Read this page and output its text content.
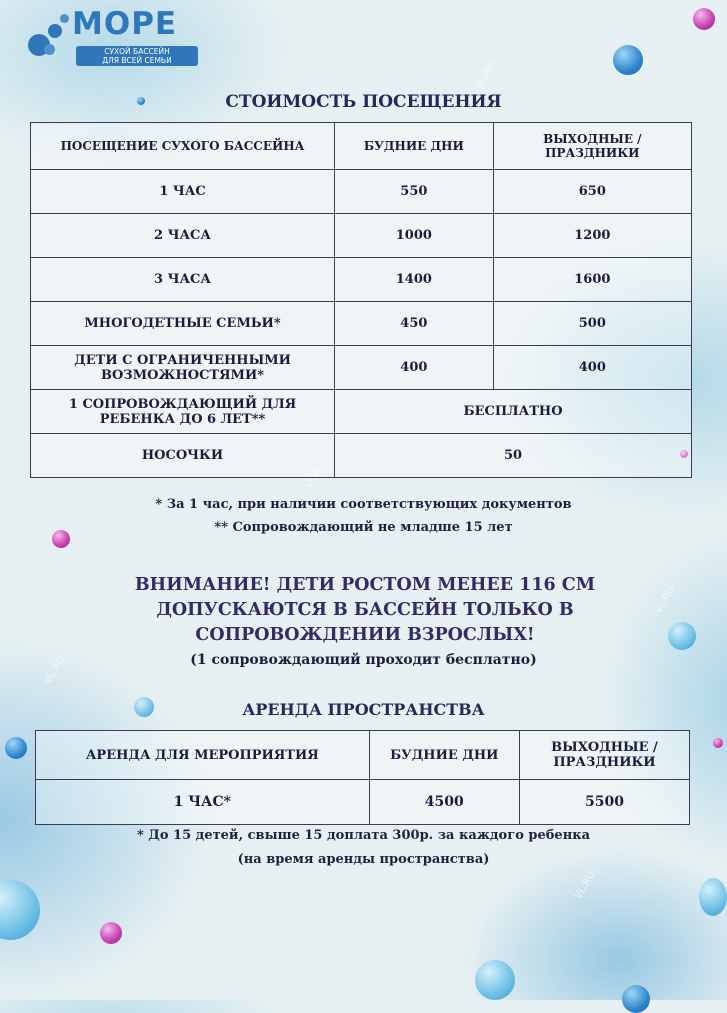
VL.RU
VL.RU
VL.RU
VL.RU
VL.RU
МОРЕ
СУХОЙ БАССЕЙН
ДЛЯ ВСЕЙ СЕМЬИ
СТОИМОСТЬ ПОСЕЩЕНИЯ
ПОСЕЩЕНИЕ СУХОГО БАССЕЙНА	БУДНИЕ ДНИ	ВЫХОДНЫЕ / ПРАЗДНИКИ
1 ЧАС	550	650
2 ЧАСА	1000	1200
3 ЧАСА	1400	1600
МНОГОДЕТНЫЕ СЕМЬИ*	450	500
ДЕТИ С ОГРАНИЧЕННЫМИ ВОЗМОЖНОСТЯМИ*	400	400
1 СОПРОВОЖДАЮЩИЙ ДЛЯ РЕБЕНКА ДО 6 ЛЕТ**	БЕСПЛАТНО	
НОСОЧКИ	50	
* За 1 час, при наличии соответствующих документов
** Сопровождающий не младше 15 лет
ВНИМАНИЕ! ДЕТИ РОСТОМ МЕНЕЕ 116 СМ ДОПУСКАЮТСЯ В БАССЕЙН ТОЛЬКО В СОПРОВОЖДЕНИИ ВЗРОСЛЫХ!
(1 сопровождающий проходит бесплатно)
АРЕНДА ПРОСТРАНСТВА
АРЕНДА ДЛЯ МЕРОПРИЯТИЯ	БУДНИЕ ДНИ	ВЫХОДНЫЕ / ПРАЗДНИКИ
1 ЧАС*	4500	5500
* До 15 детей, свыше 15 доплата 300р. за каждого ребенка
(на время аренды пространства)
